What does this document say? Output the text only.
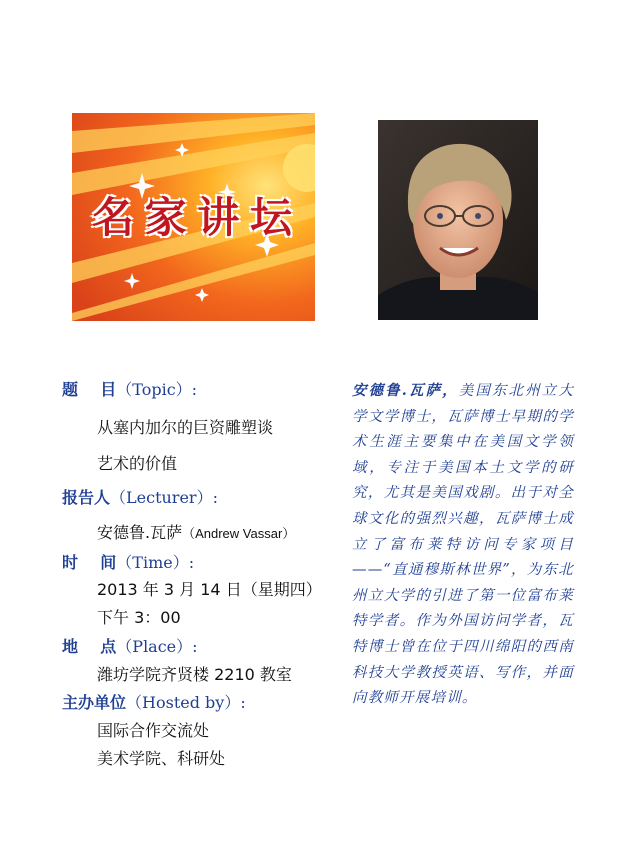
名 家 讲 坛
题    目（Topic）:
从塞内加尔的巨资雕塑谈
艺术的价值
报告人（Lecturer）:
安德鲁.瓦萨（Andrew Vassar）
时    间（Time）:
2013 年 3 月 14 日（星期四）
下午 3：00
地    点（Place）:
潍坊学院齐贤楼 2210 教室
主办单位（Hosted by）:
国际合作交流处
美术学院、科研处
安德鲁.瓦萨，美国东北州立大学文学博士，瓦萨博士早期的学术生涯主要集中在美国文学领域，专注于美国本土文学的研究，尤其是美国戏剧。出于对全球文化的强烈兴趣，瓦萨博士成立了富布莱特访问专家项目——“直通穆斯林世界”，为东北州立大学的引进了第一位富布莱特学者。作为外国访问学者，瓦特博士曾在位于四川绵阳的西南科技大学教授英语、写作，并面向教师开展培训。
